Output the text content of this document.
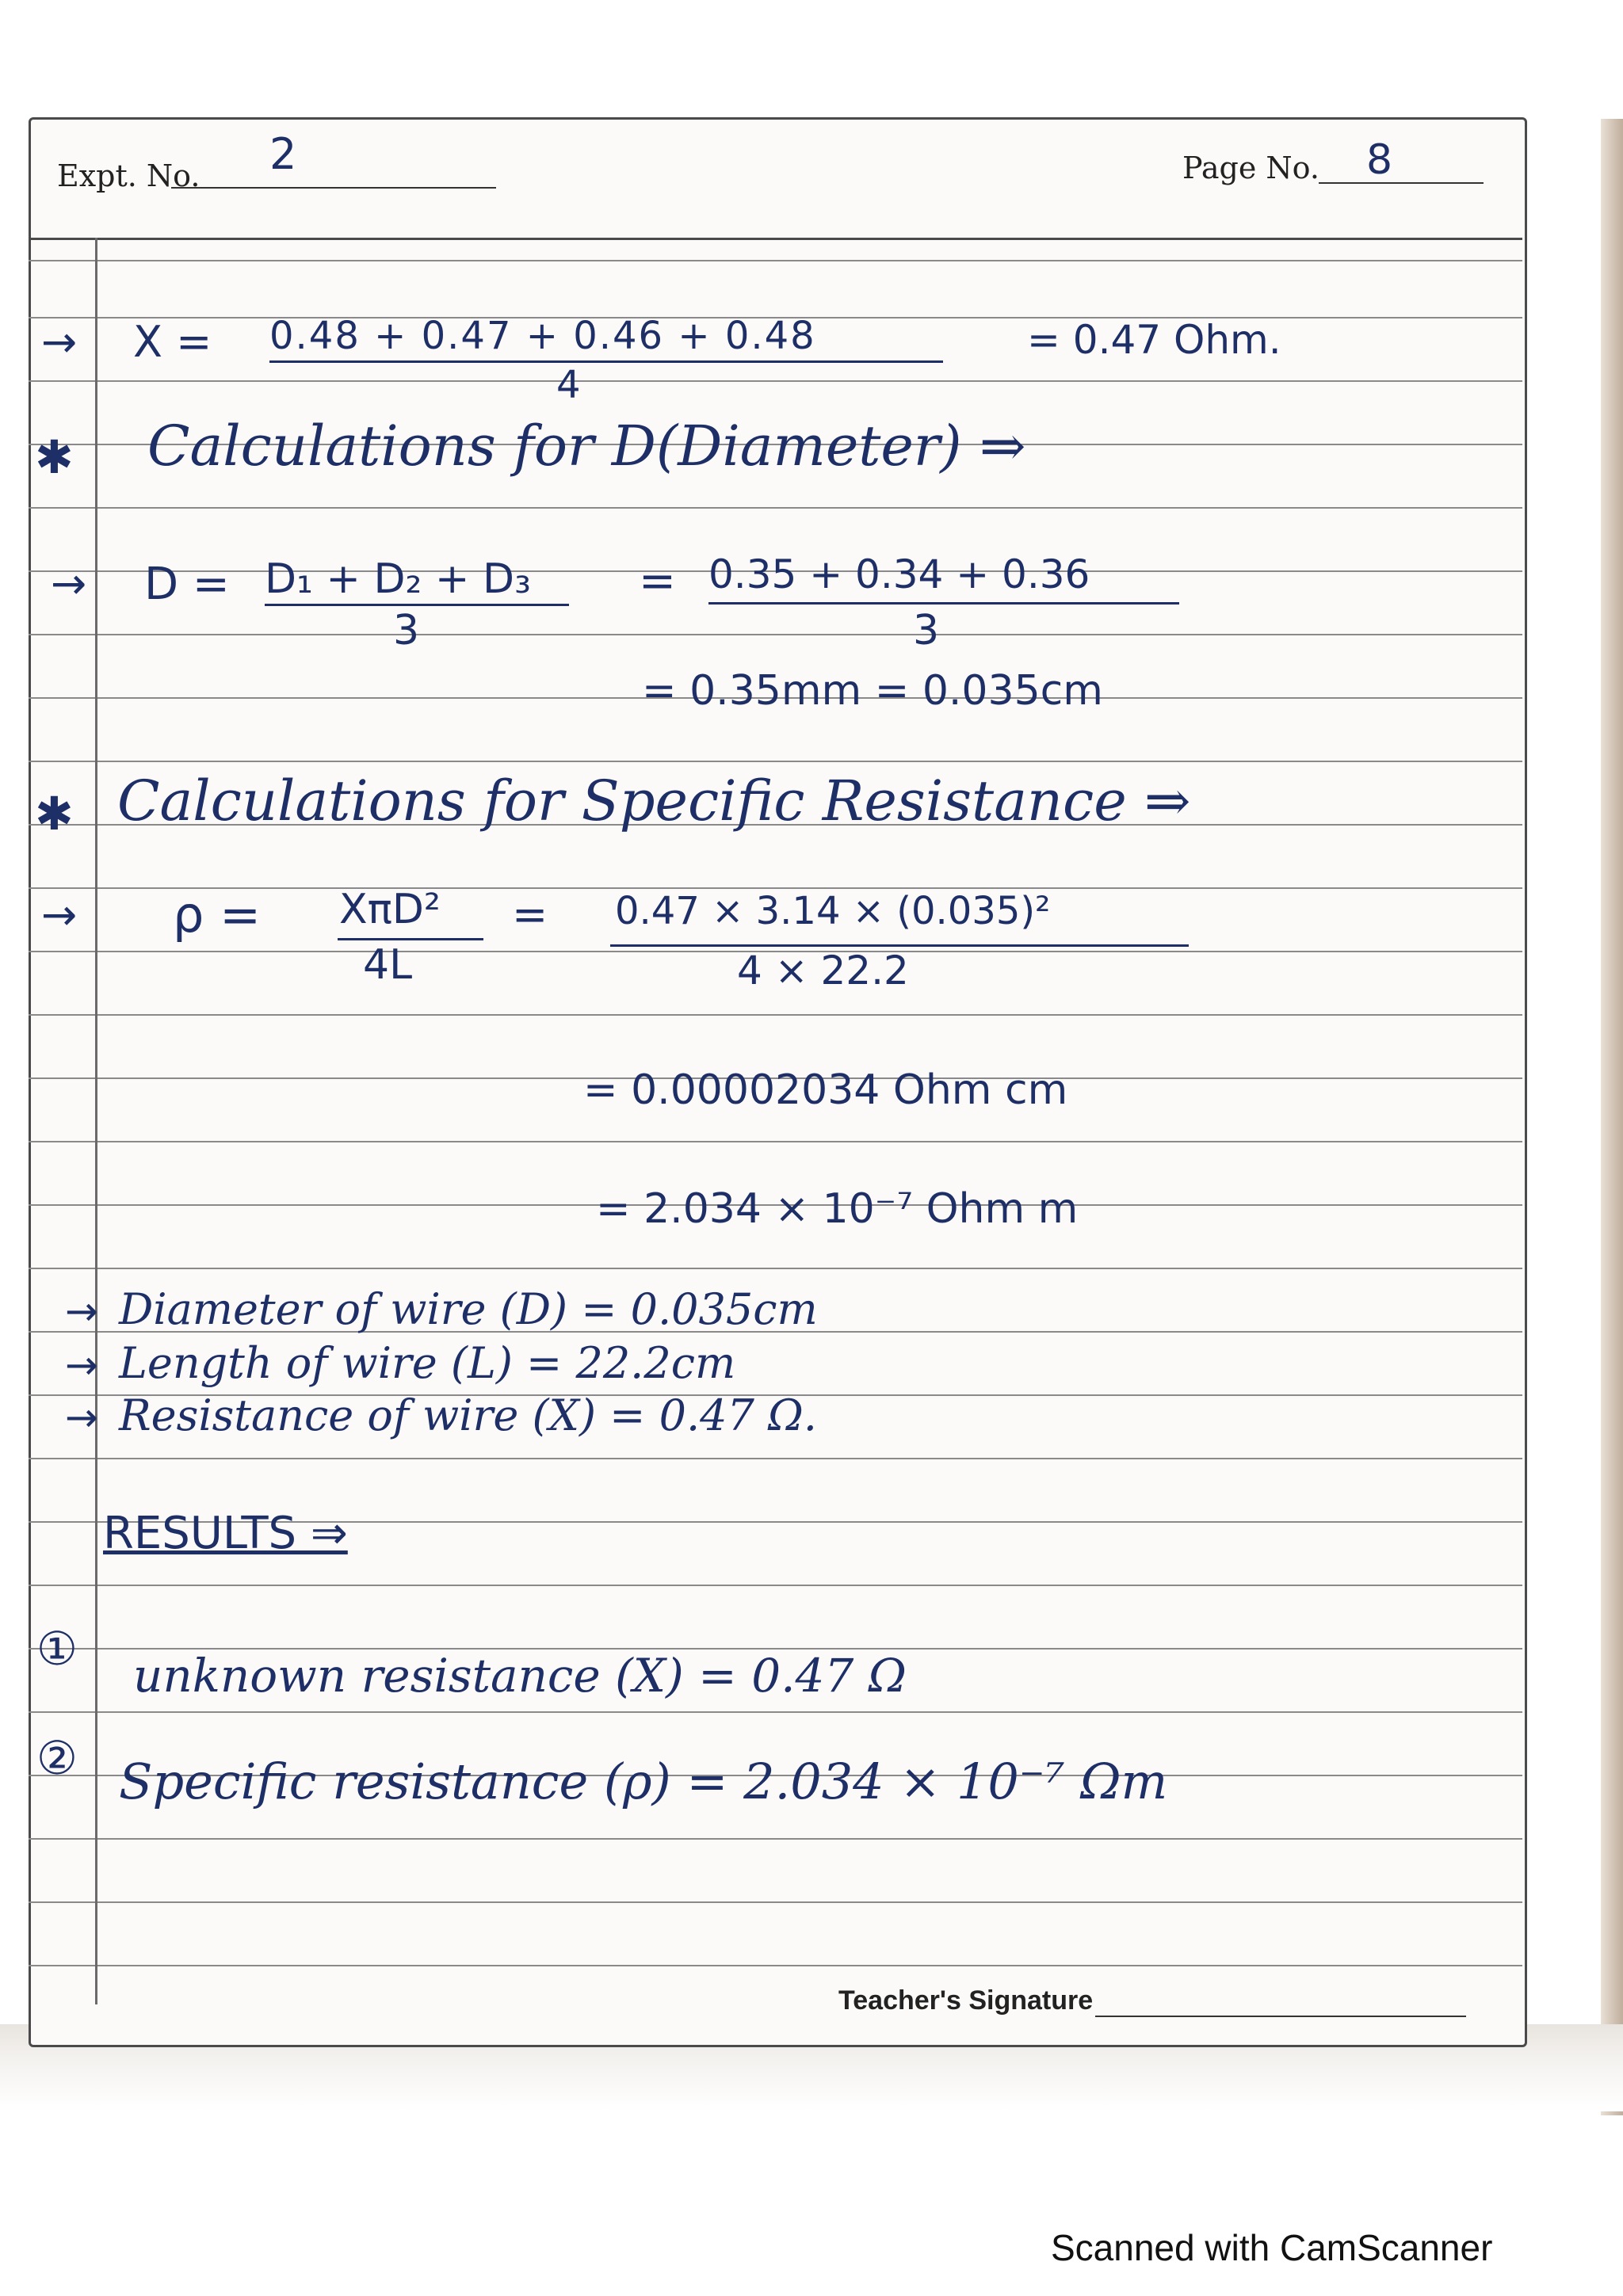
Expt. No. 2	Page No. 8
→ X = 0.48 + 0.47 + 0.46 + 0.48
4
= 0.47 Ohm.
✱ Calculations for D(Diameter) ⇒
→ D = D₁ + D₂ + D₃
3
= 0.35 + 0.34 + 0.36
3
= 0.35mm = 0.035cm
✱ Calculations for Specific Resistance ⇒
→ ρ = XπD²
4L
= 0.47 × 3.14 × (0.035)²
4 × 22.2
= 0.00002034 Ohm cm
= 2.034 × 10⁻⁷ Ohm m
→ Diameter of wire (D) = 0.035cm
→ Length of wire (L) = 22.2cm
→ Resistance of wire (X) = 0.47 Ω.
RESULTS ⇒
① unknown resistance (X) = 0.47 Ω
② Specific resistance (ρ) = 2.034 × 10⁻⁷ Ωm
Teacher's Signature
Scanned with CamScanner
